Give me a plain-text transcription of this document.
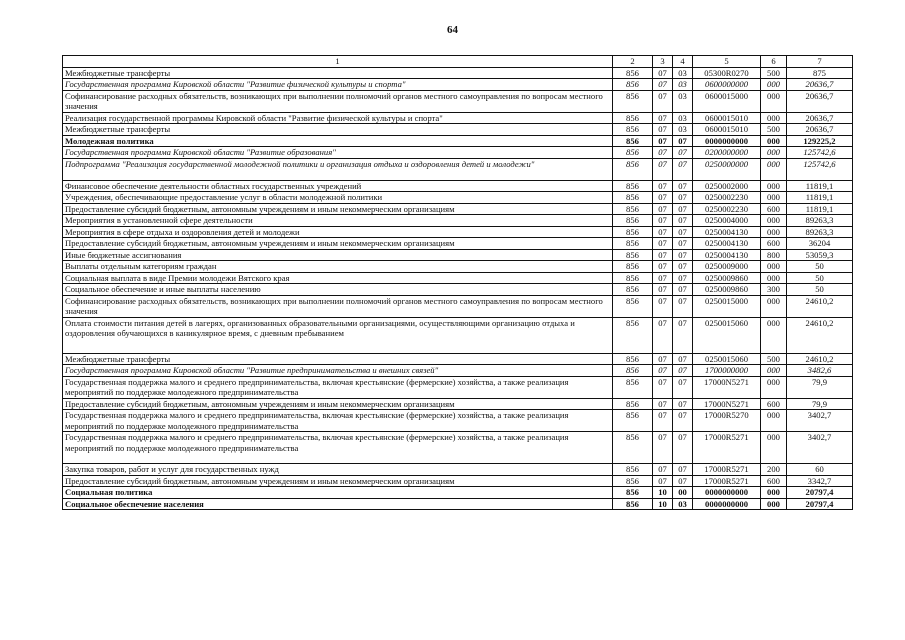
64
1	2	3	4	5	6	7
Межбюджетные трансферты	856	07	03	05300R0270	500	875
Государственная программа Кировской области "Развитие физической культуры и спорта"	856	07	03	0600000000	000	20636,7
Софинансирование расходных обязательств, возникающих при выполнении полномочий органов местного самоуправления по вопросам местного значения	856	07	03	0600015000	000	20636,7
Реализация государственной программы Кировской области "Развитие физической культуры и спорта"	856	07	03	0600015010	000	20636,7
Межбюджетные трансферты	856	07	03	0600015010	500	20636,7
Молодежная политика	856	07	07	0000000000	000	129225,2
Государственная программа Кировской области "Развитие образования"	856	07	07	0200000000	000	125742,6
Подпрограмма "Реализация государственной молодежной политики и организация отдыха и оздоровления детей и молодежи"	856	07	07	0250000000	000	125742,6
Финансовое обеспечение деятельности областных государственных учреждений	856	07	07	0250002000	000	11819,1
Учреждения, обеспечивающие предоставление услуг в области молодежной политики	856	07	07	0250002230	000	11819,1
Предоставление субсидий бюджетным, автономным учреждениям и иным некоммерческим организациям	856	07	07	0250002230	600	11819,1
Мероприятия в установленной сфере деятельности	856	07	07	0250004000	000	89263,3
Мероприятия в сфере отдыха и оздоровления детей и молодежи	856	07	07	0250004130	000	89263,3
Предоставление субсидий бюджетным, автономным учреждениям и иным некоммерческим организациям	856	07	07	0250004130	600	36204
Иные бюджетные ассигнования	856	07	07	0250004130	800	53059,3
Выплаты отдельным категориям граждан	856	07	07	0250009000	000	50
Социальная выплата в виде Премии молодежи Вятского края	856	07	07	0250009860	000	50
Социальное обеспечение и иные выплаты населению	856	07	07	0250009860	300	50
Софинансирование расходных обязательств, возникающих при выполнении полномочий органов местного самоуправления по вопросам местного значения	856	07	07	0250015000	000	24610,2
Оплата стоимости питания детей в лагерях, организованных образовательными организациями, осуществляющими организацию отдыха и оздоровления обучающихся в каникулярное время, с дневным пребыванием	856	07	07	0250015060	000	24610,2
Межбюджетные трансферты	856	07	07	0250015060	500	24610,2
Государственная программа Кировской области "Развитие предпринимательства и внешних связей"	856	07	07	1700000000	000	3482,6
Государственная поддержка малого и среднего предпринимательства, включая крестьянские (фермерские) хозяйства, а также реализация мероприятий по поддержке молодежного предпринимательства	856	07	07	17000N5271	000	79,9
Предоставление субсидий бюджетным, автономным учреждениям и иным некоммерческим организациям	856	07	07	17000N5271	600	79,9
Государственная поддержка малого и среднего предпринимательства, включая крестьянские (фермерские) хозяйства, а также реализация мероприятий по поддержке молодежного предпринимательства	856	07	07	17000R5270	000	3402,7
Государственная поддержка малого и среднего предпринимательства, включая крестьянские (фермерские) хозяйства, а также реализация мероприятий по поддержке молодежного предпринимательства	856	07	07	17000R5271	000	3402,7
Закупка товаров, работ и услуг для государственных нужд	856	07	07	17000R5271	200	60
Предоставление субсидий бюджетным, автономным учреждениям и иным некоммерческим организациям	856	07	07	17000R5271	600	3342,7
Социальная политика	856	10	00	0000000000	000	20797,4
Социальное обеспечение населения	856	10	03	0000000000	000	20797,4
